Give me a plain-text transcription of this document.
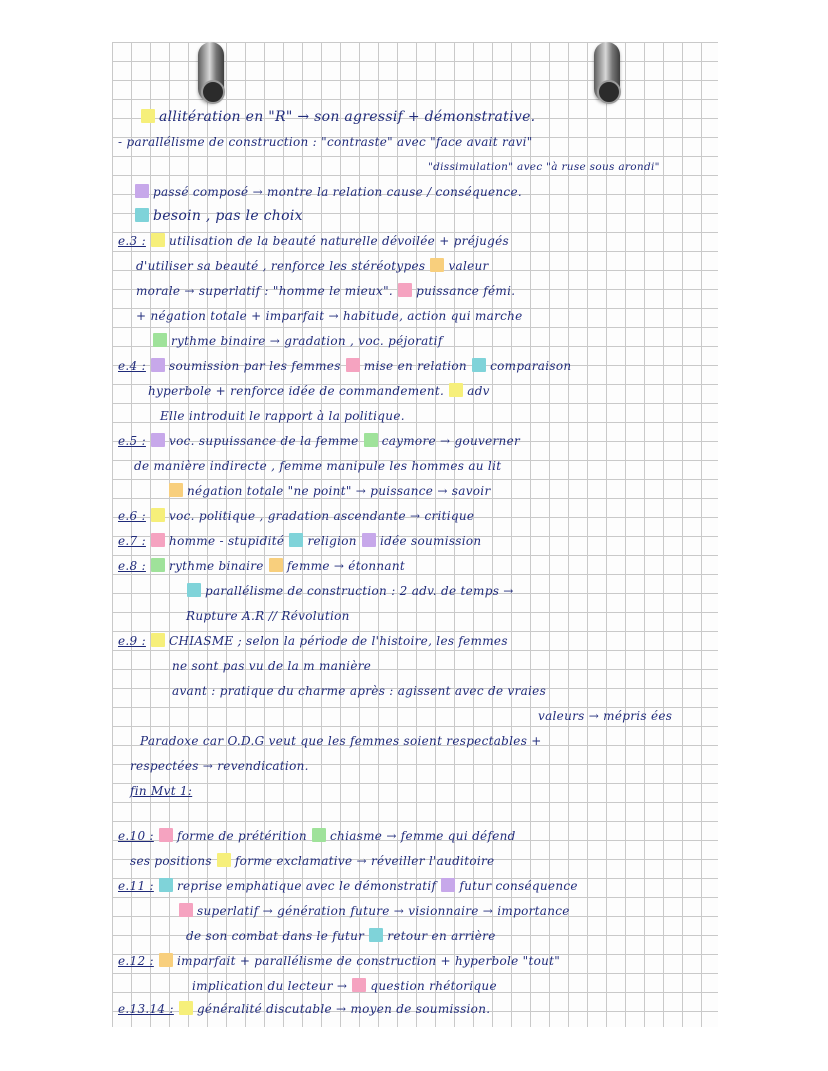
allitération en "R" → son agressif + démonstrative.
- parallélisme de construction : "contraste" avec "face avait ravi"
"dissimulation" avec "à ruse sous arondi"
passé composé → montre la relation cause / conséquence.
besoin , pas le choix
e.3 : utilisation de la beauté naturelle dévoilée + préjugés
d'utiliser sa beauté , renforce les stéréotypes valeur
morale → superlatif : "homme le mieux". puissance fémi.
+ négation totale + imparfait → habitude, action qui marche
rythme binaire → gradation , voc. péjoratif
e.4 : soumission par les femmes mise en relation comparaison
hyperbole + renforce idée de commandement. adv
Elle introduit le rapport à la politique.
e.5 : voc. supuissance de la femme caymore → gouverner
de manière indirecte , femme manipule les hommes au lit
négation totale "ne point" → puissance → savoir
e.6 : voc. politique , gradation ascendante → critique
e.7 : homme - stupidité religion idée soumission
e.8 : rythme binaire femme → étonnant
parallélisme de construction : 2 adv. de temps →
Rupture A.R // Révolution
e.9 : CHIASME ; selon la période de l'histoire, les femmes
ne sont pas vu de la m manière
avant : pratique du charme après : agissent avec de vraies
valeurs → mépris ées
Paradoxe car O.D.G veut que les femmes soient respectables +
respectées → revendication.
fin Mvt 1:
e.10 : forme de prétérition chiasme → femme qui défend
ses positions forme exclamative → réveiller l'auditoire
e.11 : reprise emphatique avec le démonstratif futur conséquence
superlatif → génération future → visionnaire → importance
de son combat dans le futur retour en arrière
e.12 : imparfait + parallélisme de construction + hyperbole "tout"
implication du lecteur → question rhétorique
e.13.14 : généralité discutable → moyen de soumission.
